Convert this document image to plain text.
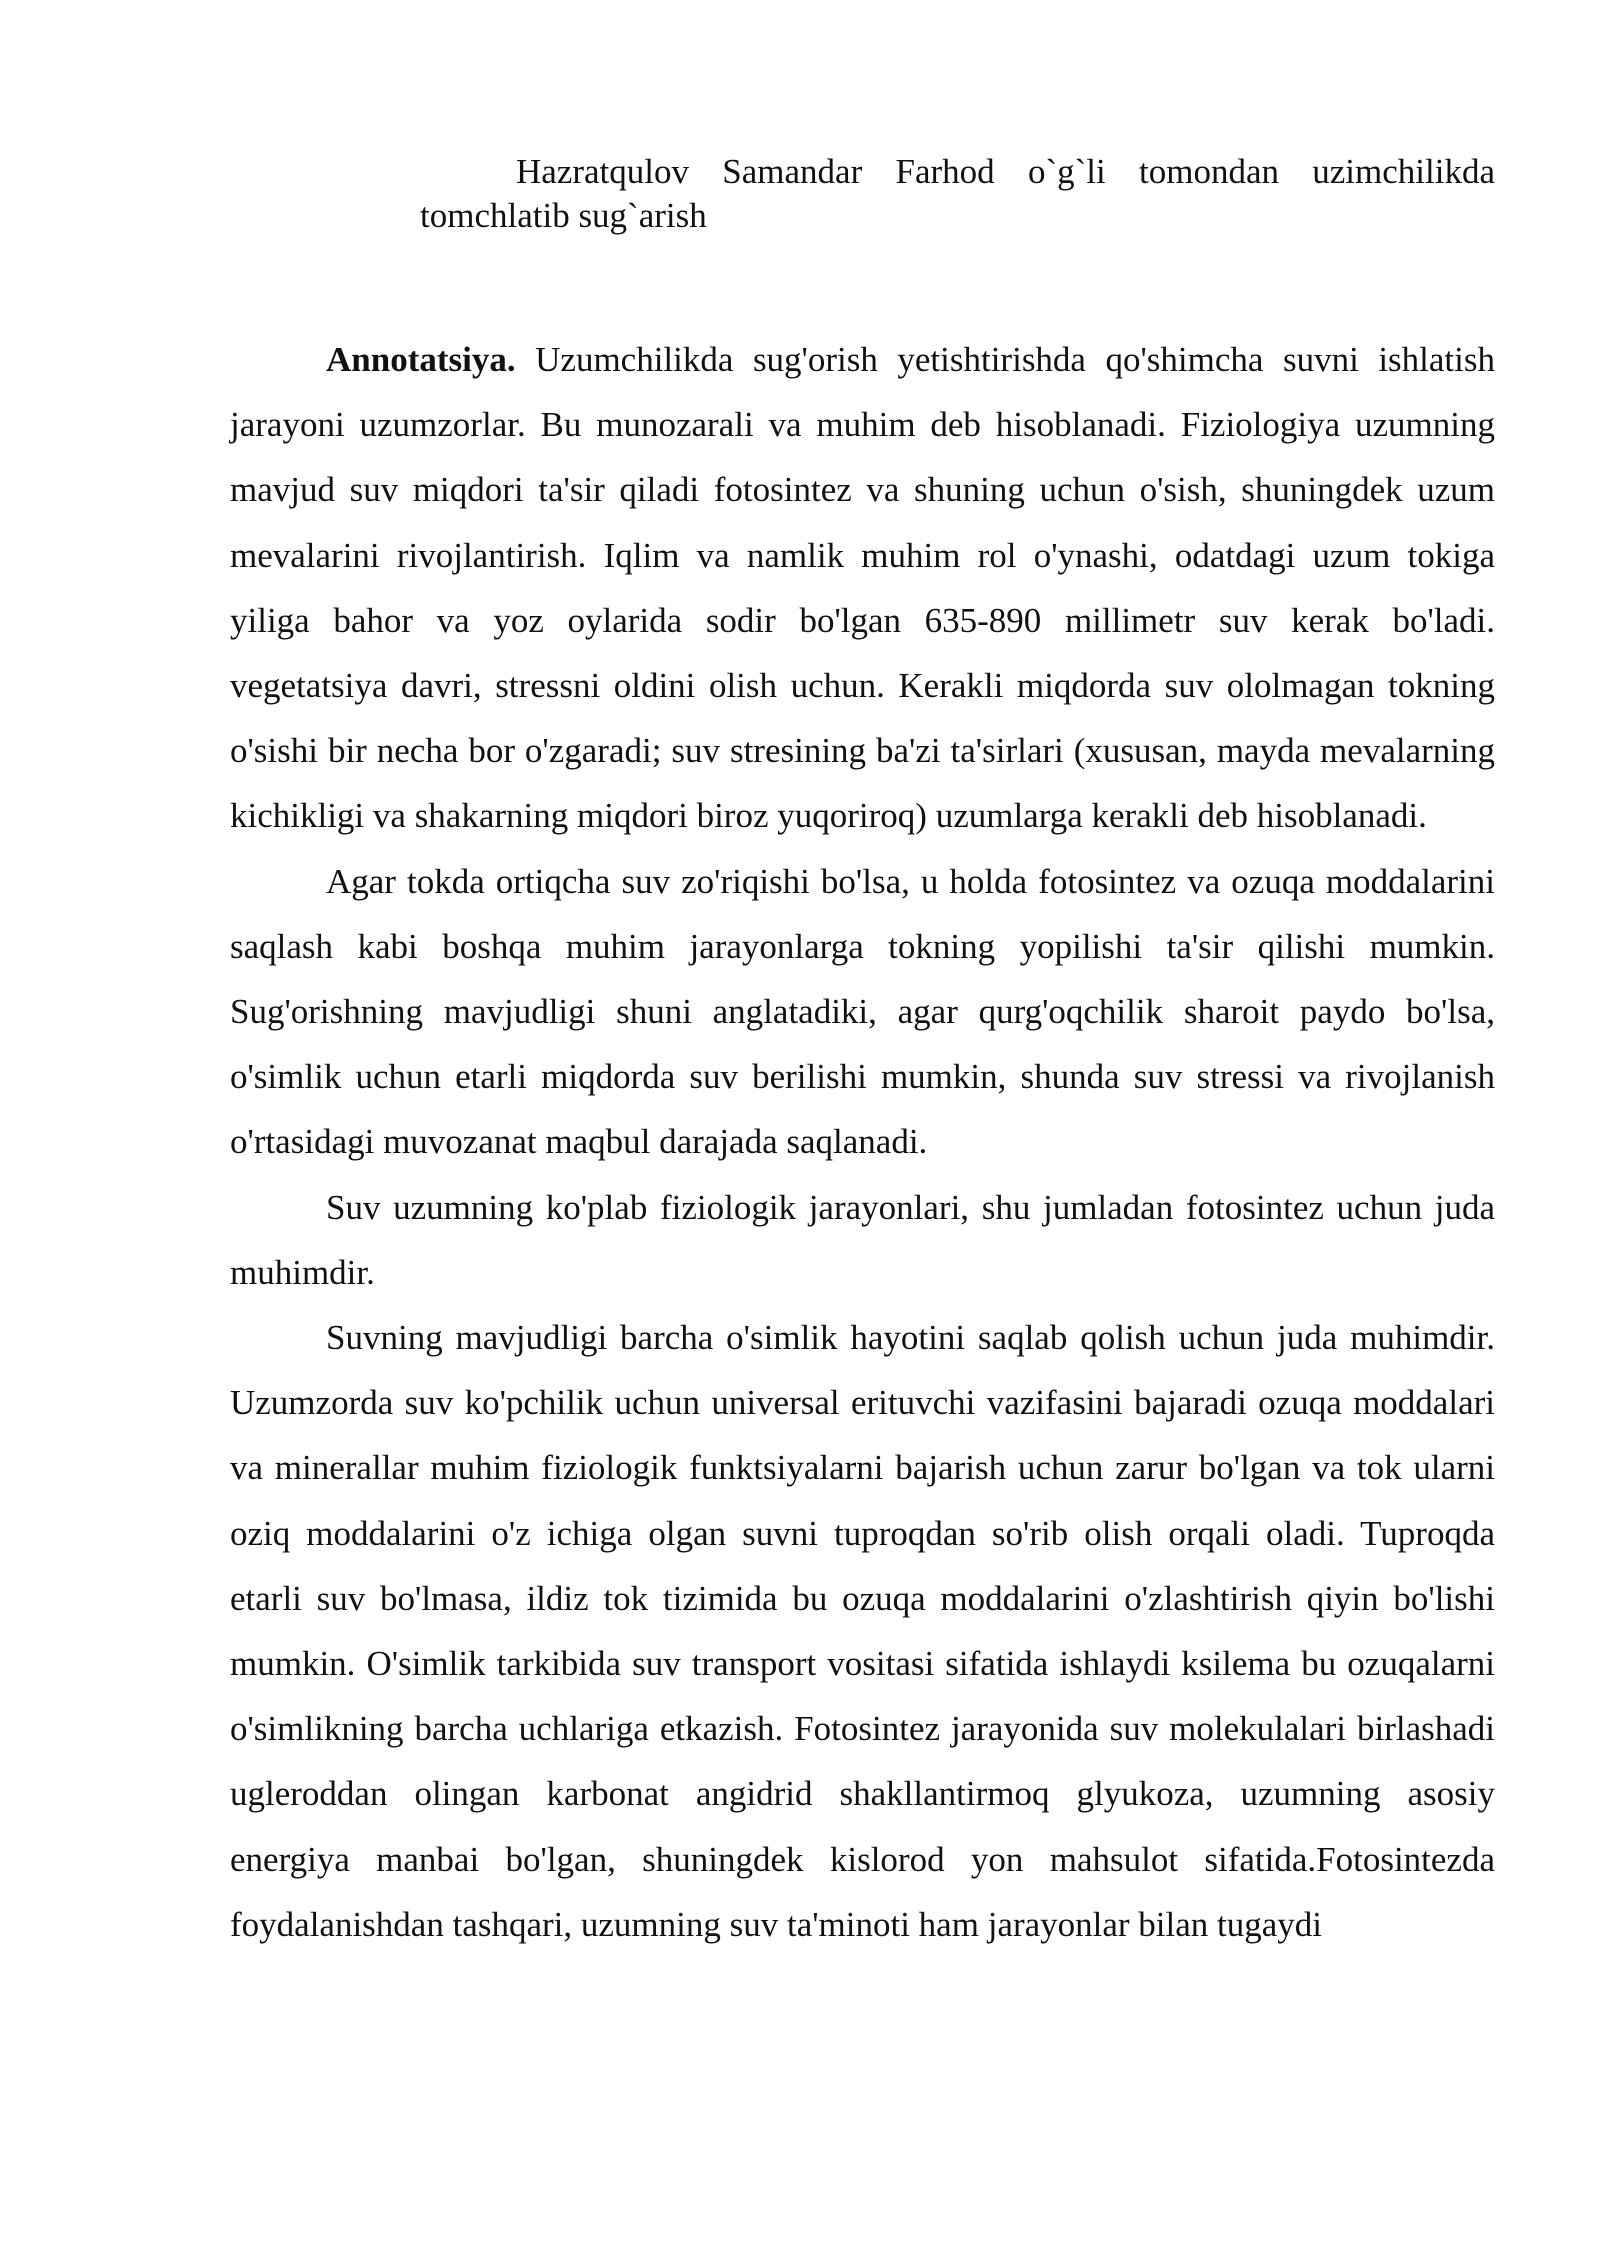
Hazratqulov Samandar Farhod o`g`li tomondan uzimchilikda
tomchlatib sug`arish

Annotatsiya. Uzumchilikda sug'orish yetishtirishda qo'shimcha suvni ishlatish jarayoni uzumzorlar. Bu munozarali va muhim deb hisoblanadi. Fiziologiya uzumning mavjud suv miqdori ta'sir qiladi fotosintez va shuning uchun o'sish, shuningdek uzum mevalarini rivojlantirish. Iqlim va namlik muhim rol o'ynashi, odatdagi uzum tokiga yiliga bahor va yoz oylarida sodir bo'lgan 635-890 millimetr suv kerak bo'ladi. vegetatsiya davri, stressni oldini olish uchun. Kerakli miqdorda suv ololmagan tokning o'sishi bir necha bor o'zgaradi; suv stresining ba'zi ta'sirlari (xususan, mayda mevalarning kichikligi va shakarning miqdori biroz yuqoriroq) uzumlarga kerakli deb hisoblanadi.

Agar tokda ortiqcha suv zo'riqishi bo'lsa, u holda fotosintez va ozuqa moddalarini saqlash kabi boshqa muhim jarayonlarga tokning yopilishi ta'sir qilishi mumkin. Sug'orishning mavjudligi shuni anglatadiki, agar qurg'oqchilik sharoit paydo bo'lsa, o'simlik uchun etarli miqdorda suv berilishi mumkin, shunda suv stressi va rivojlanish o'rtasidagi muvozanat maqbul darajada saqlanadi.

Suv uzumning ko'plab fiziologik jarayonlari, shu jumladan fotosintez uchun juda muhimdir.

Suvning mavjudligi barcha o'simlik hayotini saqlab qolish uchun juda muhimdir. Uzumzorda suv ko'pchilik uchun universal erituvchi vazifasini bajaradi ozuqa moddalari va minerallar muhim fiziologik funktsiyalarni bajarish uchun zarur bo'lgan va tok ularni oziq moddalarini o'z ichiga olgan suvni tuproqdan so'rib olish orqali oladi. Tuproqda etarli suv bo'lmasa, ildiz tok tizimida bu ozuqa moddalarini o'zlashtirish qiyin bo'lishi mumkin. O'simlik tarkibida suv transport vositasi sifatida ishlaydi ksilema bu ozuqalarni o'simlikning barcha uchlariga etkazish. Fotosintez jarayonida suv molekulalari birlashadi ugleroddan olingan karbonat angidrid shakllantirmoq glyukoza, uzumning asosiy energiya manbai bo'lgan, shuningdek kislorod yon mahsulot sifatida.Fotosintezda foydalanishdan tashqari, uzumning suv ta'minoti ham jarayonlar bilan tugaydi
